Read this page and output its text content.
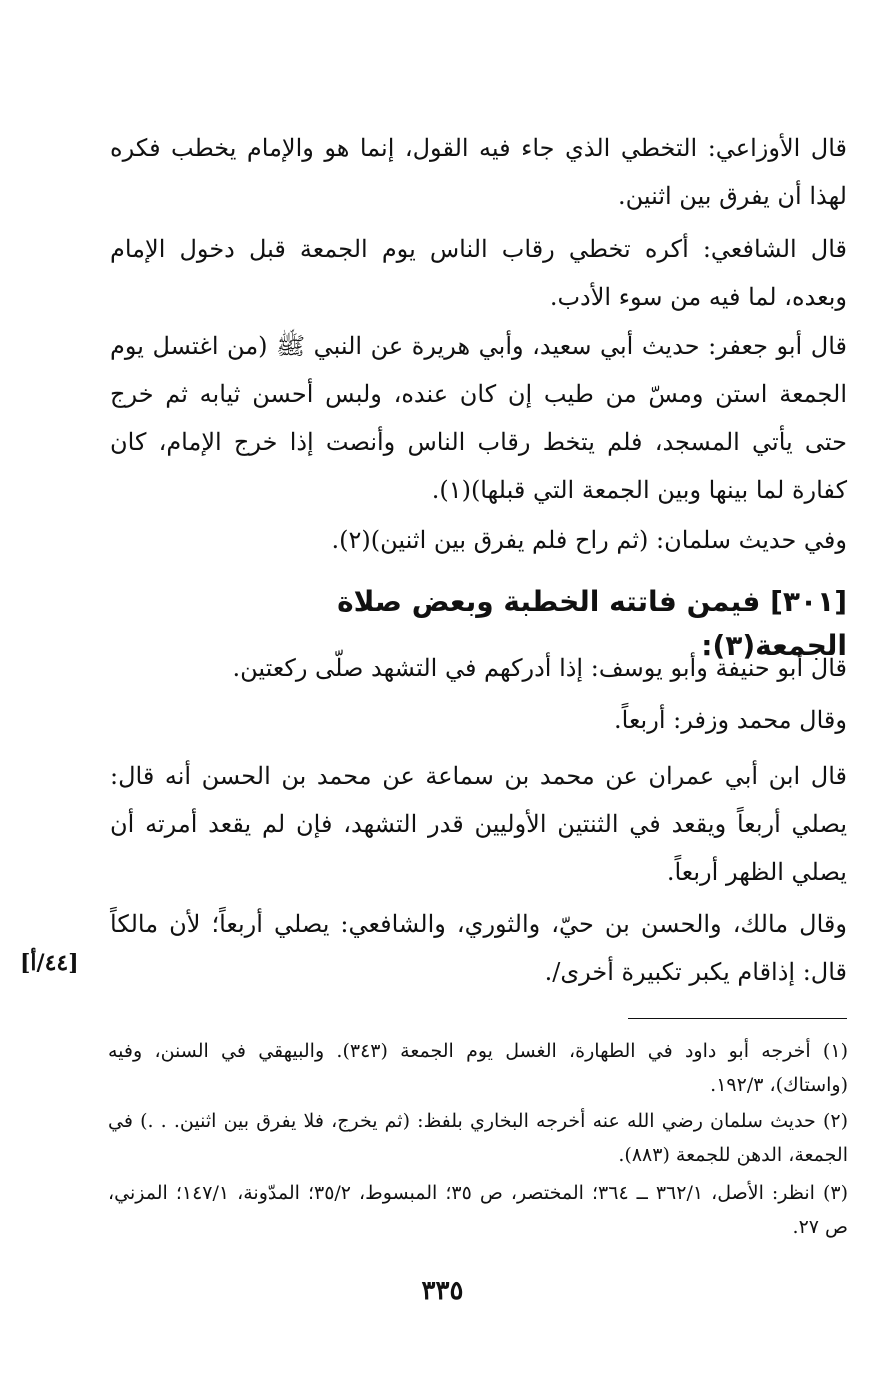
قال الأوزاعي: التخطي الذي جاء فيه القول، إنما هو والإمام يخطب فكره لهذا أن يفرق بين اثنين.
قال الشافعي: أكره تخطي رقاب الناس يوم الجمعة قبل دخول الإمام وبعده، لما فيه من سوء الأدب.
قال أبو جعفر: حديث أبي سعيد، وأبي هريرة عن النبي ﷺ (من اغتسل يوم الجمعة استن ومسّ من طيب إن كان عنده، ولبس أحسن ثيابه ثم خرج حتى يأتي المسجد، فلم يتخط رقاب الناس وأنصت إذا خرج الإمام، كان كفارة لما بينها وبين الجمعة التي قبلها)(١).
وفي حديث سلمان: (ثم راح فلم يفرق بين اثنين)(٢).
[٣٠١] فيمن فاتته الخطبة وبعض صلاة الجمعة(٣):
قال أبو حنيفة وأبو يوسف: إذا أدركهم في التشهد صلّى ركعتين.
وقال محمد وزفر: أربعاً.
قال ابن أبي عمران عن محمد بن سماعة عن محمد بن الحسن أنه قال: يصلي أربعاً ويقعد في الثنتين الأوليين قدر التشهد، فإن لم يقعد أمرته أن يصلي الظهر أربعاً.
وقال مالك، والحسن بن حيّ، والثوري، والشافعي: يصلي أربعاً؛ لأن مالكاً قال: إذاقام يكبر تكبيرة أخرى/.
[٤٤/أ]
(١) أخرجه أبو داود في الطهارة، الغسل يوم الجمعة (٣٤٣). والبيهقي في السنن، وفيه (واستاك)، ١٩٢/٣.
(٢) حديث سلمان رضي الله عنه أخرجه البخاري بلفظ: (ثم يخرج، فلا يفرق بين اثنين. . .) في الجمعة، الدهن للجمعة (٨٨٣).
(٣) انظر: الأصل، ٣٦٢/١ ــ ٣٦٤؛ المختصر، ص ٣٥؛ المبسوط، ٣٥/٢؛ المدّونة، ١٤٧/١؛ المزني، ص ٢٧.
٣٣٥
